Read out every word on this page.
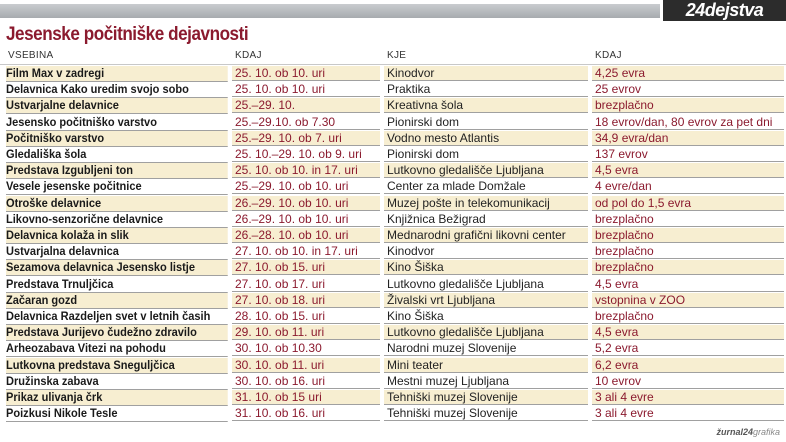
24dejstva
Jesenske počitniške dejavnosti
VSEBINA	KDAJ	KJE	KDAJ
Film Max v zadregi	25. 10. ob 10. uri	Kinodvor	4,25 evra
Delavnica Kako uredim svojo sobo	25. 10. ob 10. uri	Praktika	25 evrov
Ustvarjalne delavnice	25.–29. 10.	Kreativna šola	brezplačno
Jesensko počitniško varstvo	25.–29.10. ob 7.30	Pionirski dom	18 evrov/dan, 80 evrov za pet dni
Počitniško varstvo	25.–29. 10. ob 7. uri	Vodno mesto Atlantis	34,9 evra/dan
Gledališka šola	25. 10.–29. 10. ob 9. uri	Pionirski dom	137 evrov
Predstava Izgubljeni ton	25. 10. ob 10. in 17. uri	Lutkovno gledališče Ljubljana	4,5 evra
Vesele jesenske počitnice	25.–29. 10. ob 10. uri	Center za mlade Domžale	4 evre/dan
Otroške delavnice	26.–29. 10. ob 10. uri	Muzej pošte in telekomunikacij	od pol do 1,5 evra
Likovno-senzorične delavnice	26.–29. 10. ob 10. uri	Knjižnica Bežigrad	brezplačno
Delavnica kolaža in slik	26.–28. 10. ob 10. uri	Mednarodni grafični likovni center	brezplačno
Ustvarjalna delavnica	27. 10. ob 10. in 17. uri	Kinodvor	brezplačno
Sezamova delavnica Jesensko listje	27. 10. ob 15. uri	Kino Šiška	brezplačno
Predstava Trnuljčica	27. 10. ob 17. uri	Lutkovno gledališče Ljubljana	4,5 evra
Začaran gozd	27. 10. ob 18. uri	Živalski vrt Ljubljana	vstopnina v ZOO
Delavnica Razdeljen svet v letnih časih	28. 10. ob 15. uri	Kino Šiška	brezplačno
Predstava Jurijevo čudežno zdravilo	29. 10. ob 11. uri	Lutkovno gledališče Ljubljana	4,5 evra
Arheozabava Vitezi na pohodu	30. 10. ob 10.30	Narodni muzej Slovenije	5,2 evra
Lutkovna predstava Sneguljčica	30. 10. ob 11. uri	Mini teater	6,2 evra
Družinska zabava	30. 10. ob 16. uri	Mestni muzej Ljubljana	10 evrov
Prikaz ulivanja črk	31. 10. ob 15 uri	Tehniški muzej Slovenije	3 ali 4 evre
Poizkusi Nikole Tesle	31. 10. ob 16. uri	Tehniški muzej Slovenije	3 ali 4 evre
žurnal24grafika
